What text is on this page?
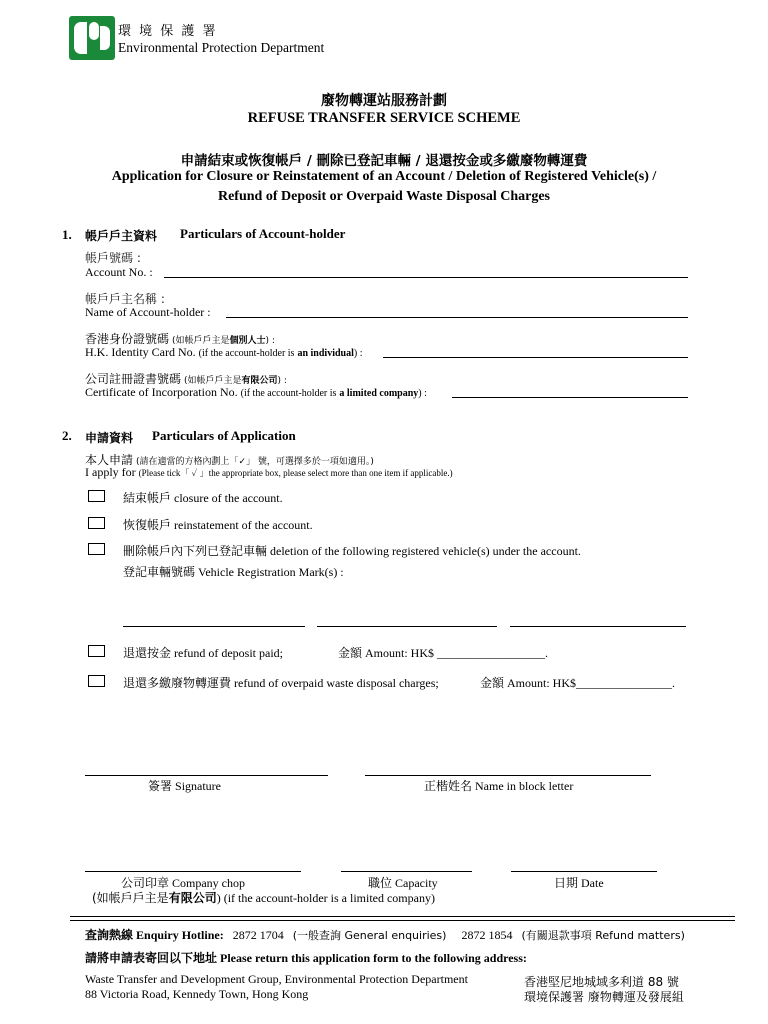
環 境 保 護 署
Environmental Protection Department
廢物轉運站服務計劃
REFUSE TRANSFER SERVICE SCHEME
申請結束或恢復帳戶 / 刪除已登記車輛 / 退還按金或多繳廢物轉運費
Application for Closure or Reinstatement of an Account / Deletion of Registered Vehicle(s) /
Refund of Deposit or Overpaid Waste Disposal Charges
1. 帳戶戶主資料 Particulars of Account-holder
帳戶號碼 :
Account No. :
帳戶戶主名稱 :
Name of Account-holder :
香港身份證號碼 (如帳戶戶主是個別人士) :
H.K. Identity Card No. (if the account-holder is an individual) :
公司註冊證書號碼 (如帳戶戶主是有限公司) :
Certificate of Incorporation No. (if the account-holder is a limited company) :
2. 申請資料 Particulars of Application
本人申請 (請在適當的方格內劃上「✓」 號，可選擇多於一項如適用。)
I apply for (Please tick「 ✓ 」the appropriate box, please select more than one item if applicable.)
結束帳戶 closure of the account.
恢復帳戶 reinstatement of the account.
刪除帳戶內下列已登記車輛 deletion of the following registered vehicle(s) under the account.
登記車輛號碼 Vehicle Registration Mark(s) :
退還按金 refund of deposit paid;	金額 Amount: HK$ __________________.
退還多繳廢物轉運費 refund of overpaid waste disposal charges;	金額 Amount: HK$________________.
簽署 Signature	正楷姓名 Name in block letter
公司印章 Company chop
(如帳戶戶主是有限公司) (if the account-holder is a limited company)
職位 Capacity	日期 Date
查詢熱線 Enquiry Hotline: 2872 1704 (一般查詢 General enquiries) 2872 1854 (有關退款事項 Refund matters)
請將申請表寄回以下地址 Please return this application form to the following address:
Waste Transfer and Development Group, Environmental Protection Department
88 Victoria Road, Kennedy Town, Hong Kong
香港堅尼地城域多利道 88 號
環境保護署 廢物轉運及發展組
